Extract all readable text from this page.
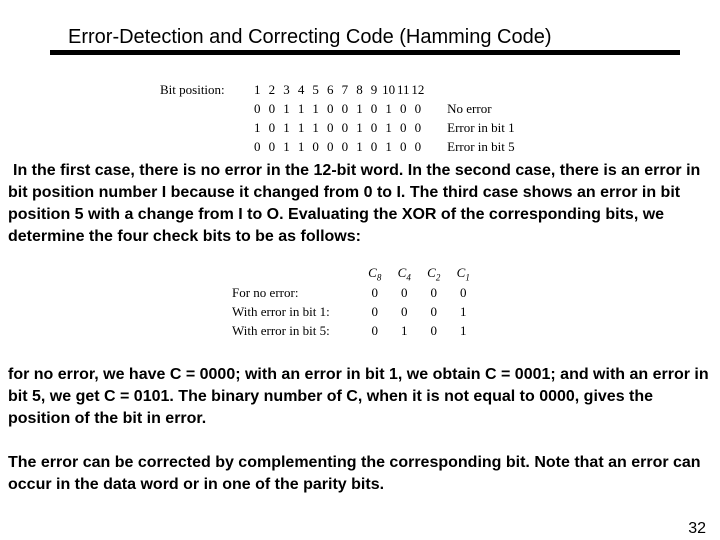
Error-Detection and Correcting Code (Hamming Code)
Bit position:	1	2	3	4	5	6	7	8	9	10	11	12	
	0	0	1	1	1	0	0	1	0	1	0	0	No error
	1	0	1	1	1	0	0	1	0	1	0	0	Error in bit 1
	0	0	1	1	0	0	0	1	0	1	0	0	Error in bit 5

In the first case, there is no error in the 12-bit word. In the second case, there is an error in bit position number I because it changed from 0 to I. The third case shows an error in bit position 5 with a change from I to O. Evaluating the XOR of the corresponding bits, we determine the four check bits to be as follows:

	$C_8$	$C_4$	$C_2$	$C_1$
For no error:	0	0	0	0
With error in bit 1:	0	0	0	1
With error in bit 5:	0	1	0	1

for no error, we have C = 0000; with an error in bit 1, we obtain C = 0001; and with an error in bit 5, we get C = 0101. The binary number of C, when it is not equal to 0000, gives the position of the bit in error.

The error can be corrected by complementing the corresponding bit. Note that an error can occur in the data word or in one of the parity bits.

32
